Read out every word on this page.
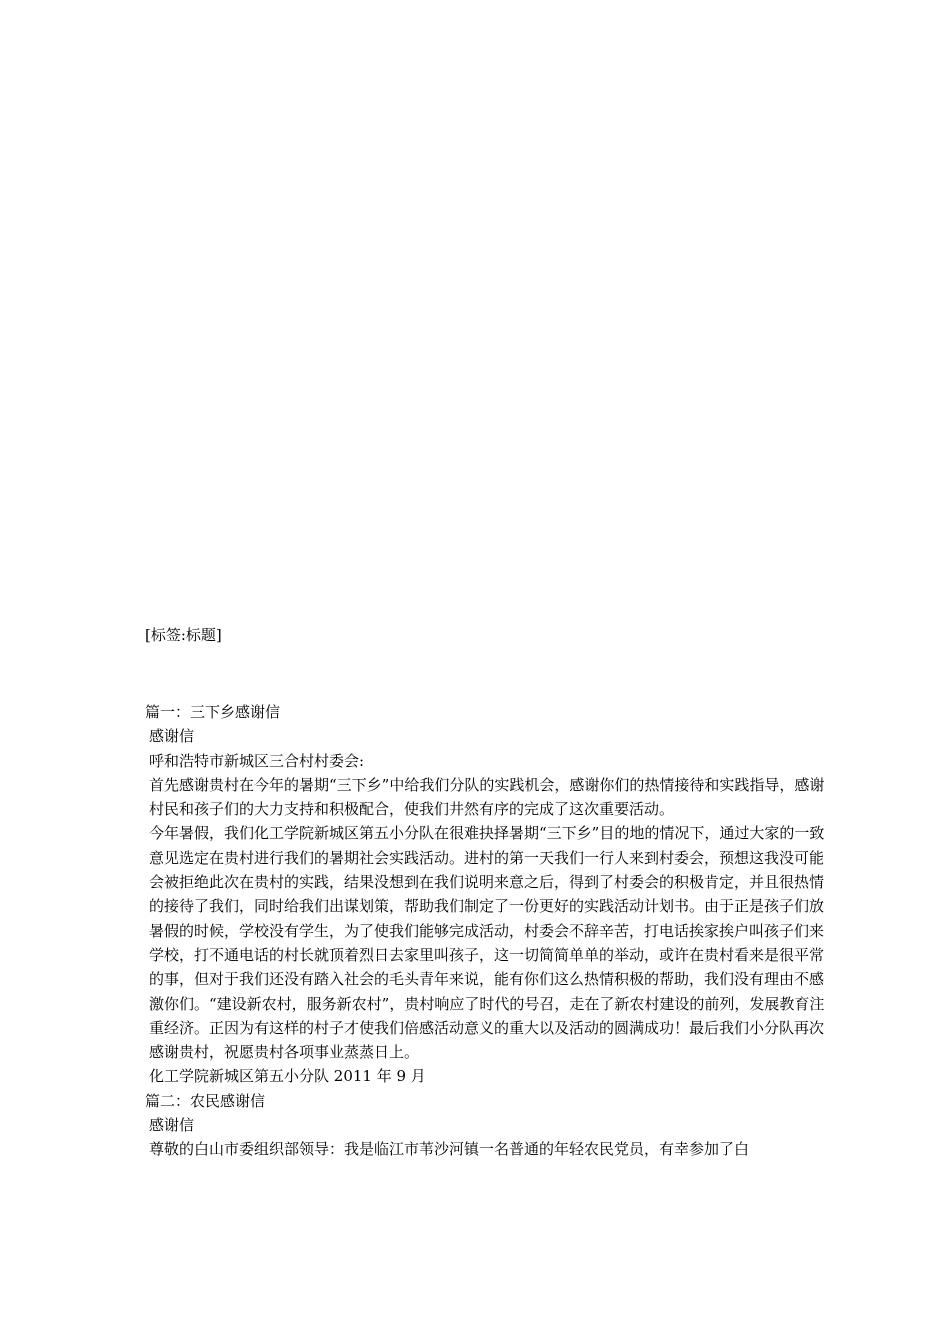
[标签:标题]

篇一：三下乡感谢信

感谢信

呼和浩特市新城区三合村村委会:

首先感谢贵村在今年的暑期“三下乡”中给我们分队的实践机会，感谢你们的热情接待和实践指导，感谢村民和孩子们的大力支持和积极配合，使我们井然有序的完成了这次重要活动。

今年暑假，我们化工学院新城区第五小分队在很难抉择暑期“三下乡”目的地的情况下，通过大家的一致意见选定在贵村进行我们的暑期社会实践活动。进村的第一天我们一行人来到村委会，预想这我没可能会被拒绝此次在贵村的实践，结果没想到在我们说明来意之后，得到了村委会的积极肯定，并且很热情的接待了我们，同时给我们出谋划策，帮助我们制定了一份更好的实践活动计划书。由于正是孩子们放暑假的时候，学校没有学生，为了使我们能够完成活动，村委会不辞辛苦，打电话挨家挨户叫孩子们来学校，打不通电话的村长就顶着烈日去家里叫孩子，这一切简简单单的举动，或许在贵村看来是很平常的事，但对于我们还没有踏入社会的毛头青年来说，能有你们这么热情积极的帮助，我们没有理由不感激你们。“建设新农村，服务新农村”，贵村响应了时代的号召，走在了新农村建设的前列，发展教育注重经济。正因为有这样的村子才使我们倍感活动意义的重大以及活动的圆满成功！最后我们小分队再次感谢贵村，祝愿贵村各项事业蒸蒸日上。

化工学院新城区第五小分队 2011 年 9 月

篇二：农民感谢信

感谢信

尊敬的白山市委组织部领导：我是临江市苇沙河镇一名普通的年轻农民党员，有幸参加了白
